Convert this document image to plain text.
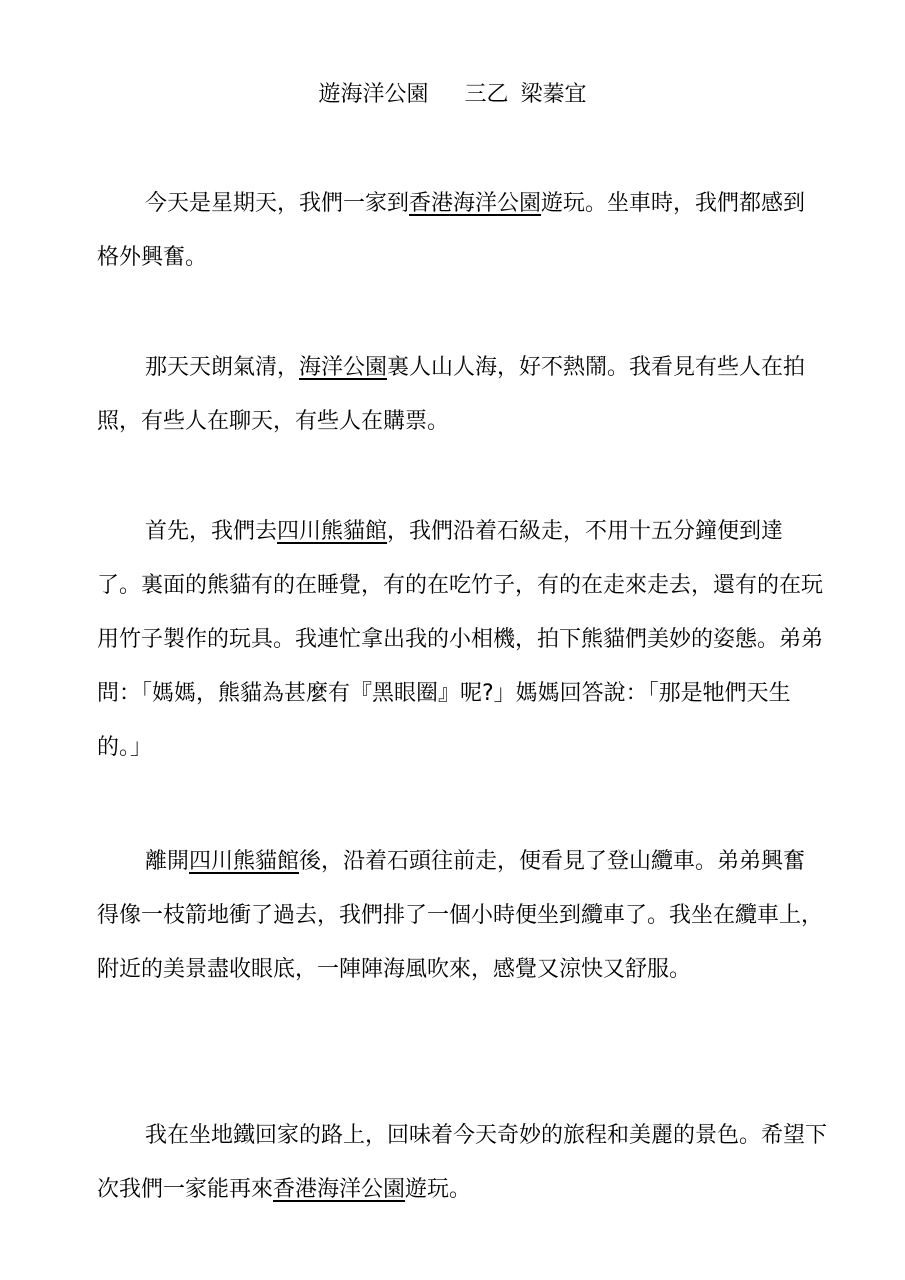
遊海洋公園 三乙 梁蓁宜

今天是星期天，我們一家到香港海洋公園遊玩。坐車時，我們都感到格外興奮。

那天天朗氣清，海洋公園裏人山人海，好不熱鬧。我看見有些人在拍照，有些人在聊天，有些人在購票。

首先，我們去四川熊貓館，我們沿着石級走，不用十五分鐘便到達了。裏面的熊貓有的在睡覺，有的在吃竹子，有的在走來走去，還有的在玩用竹子製作的玩具。我連忙拿出我的小相機，拍下熊貓們美妙的姿態。弟弟問：「媽媽，熊貓為甚麼有『黑眼圈』呢?」媽媽回答說：「那是牠們天生的。」

離開四川熊貓館後，沿着石頭往前走，便看見了登山纜車。弟弟興奮得像一枝箭地衝了過去，我們排了一個小時便坐到纜車了。我坐在纜車上，附近的美景盡收眼底，一陣陣海風吹來，感覺又涼快又舒服。

我在坐地鐵回家的路上，回味着今天奇妙的旅程和美麗的景色。希望下次我們一家能再來香港海洋公園遊玩。
